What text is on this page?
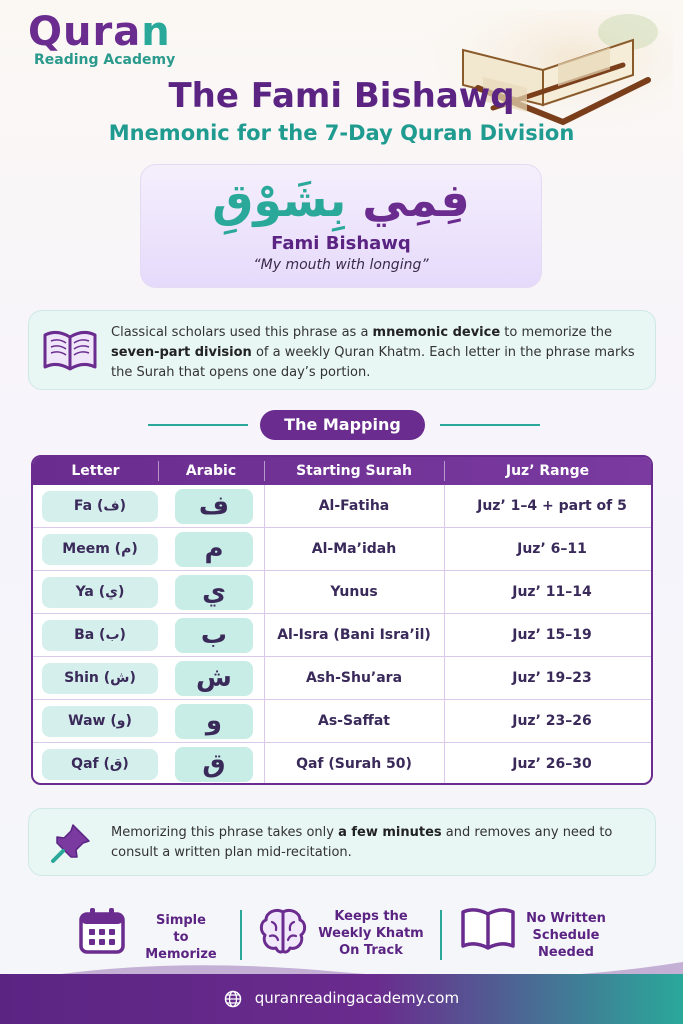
Quran
Reading Academy
The Fami Bishawq
Mnemonic for the 7-Day Quran Division
فِمِي بِشَوْقِ
Fami Bishawq
“My mouth with longing”
Classical scholars used this phrase as a mnemonic device to memorize the seven-part division of a weekly Quran Khatm. Each letter in the phrase marks the Surah that opens one day’s portion.
The Mapping
Letter	Arabic	Starting Surah	Juz’ Range
Fa (ف)	ف	Al-Fatiha	Juz’ 1–4 + part of 5
Meem (م)	م	Al-Ma’idah	Juz’ 6–11
Ya (ي)	ي	Yunus	Juz’ 11–14
Ba (ب)	ب	Al-Isra (Bani Isra’il)	Juz’ 15–19
Shin (ش)	ش	Ash-Shu’ara	Juz’ 19–23
Waw (و)	و	As-Saffat	Juz’ 23–26
Qaf (ق)	ق	Qaf (Surah 50)	Juz’ 26–30
Memorizing this phrase takes only a few minutes and removes any need to consult a written plan mid-recitation.
Simple
to Memorize
Keeps the
Weekly Khatm
On Track
No Written
Schedule
Needed
quranreadingacademy.com
